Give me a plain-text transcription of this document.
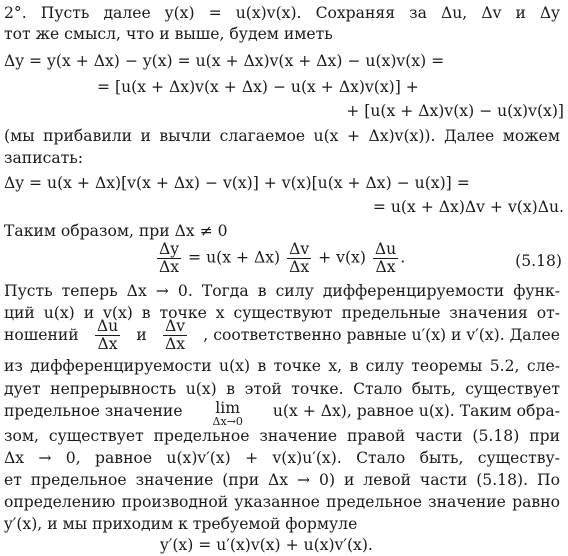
2°. Пусть далее y(x) = u(x)v(x). Сохраняя за Δu, Δv и Δy
тот же смысл, что и выше, будем иметь
Δy = y(x + Δx) − y(x) = u(x + Δx)v(x + Δx) − u(x)v(x) =
= [u(x + Δx)v(x + Δx) − u(x + Δx)v(x)] +
+ [u(x + Δx)v(x) − u(x)v(x)]
(мы прибавили и вычли слагаемое u(x + Δx)v(x)). Далее можем
записать:
Δy = u(x + Δx)[v(x + Δx) − v(x)] + v(x)[u(x + Δx) − u(x)] =
= u(x + Δx)Δv + v(x)Δu.
Таким образом, при Δx ≠ 0
$\frac{\Delta y}{\Delta x} = u(x + \Delta x) \frac{\Delta v}{\Delta x} + v(x) \frac{\Delta u}{\Delta x}$ .	(5.18)
Пусть теперь Δx → 0. Тогда в силу дифференцируемости функ-
ций u(x) и v(x) в точке x существуют предельные значения от-
ношений $\frac{\Delta u}{\Delta x}$ и $\frac{\Delta v}{\Delta x}$ , соответственно равные u′(x) и v′(x). Далее
из дифференцируемости u(x) в точке x, в силу теоремы 5.2, сле-
дует непрерывность u(x) в этой точке. Стало быть, существует
предельное значение lim
Δx→0
u(x + Δx), равное u(x). Таким обра-
зом, существует предельное значение правой части (5.18) при
Δx → 0, равное u(x)v′(x) + v(x)u′(x). Стало быть, существу-
ет предельное значение (при Δx → 0) и левой части (5.18). По
определению производной указанное предельное значение равно
y′(x), и мы приходим к требуемой формуле
y′(x) = u′(x)v(x) + u(x)v′(x).
